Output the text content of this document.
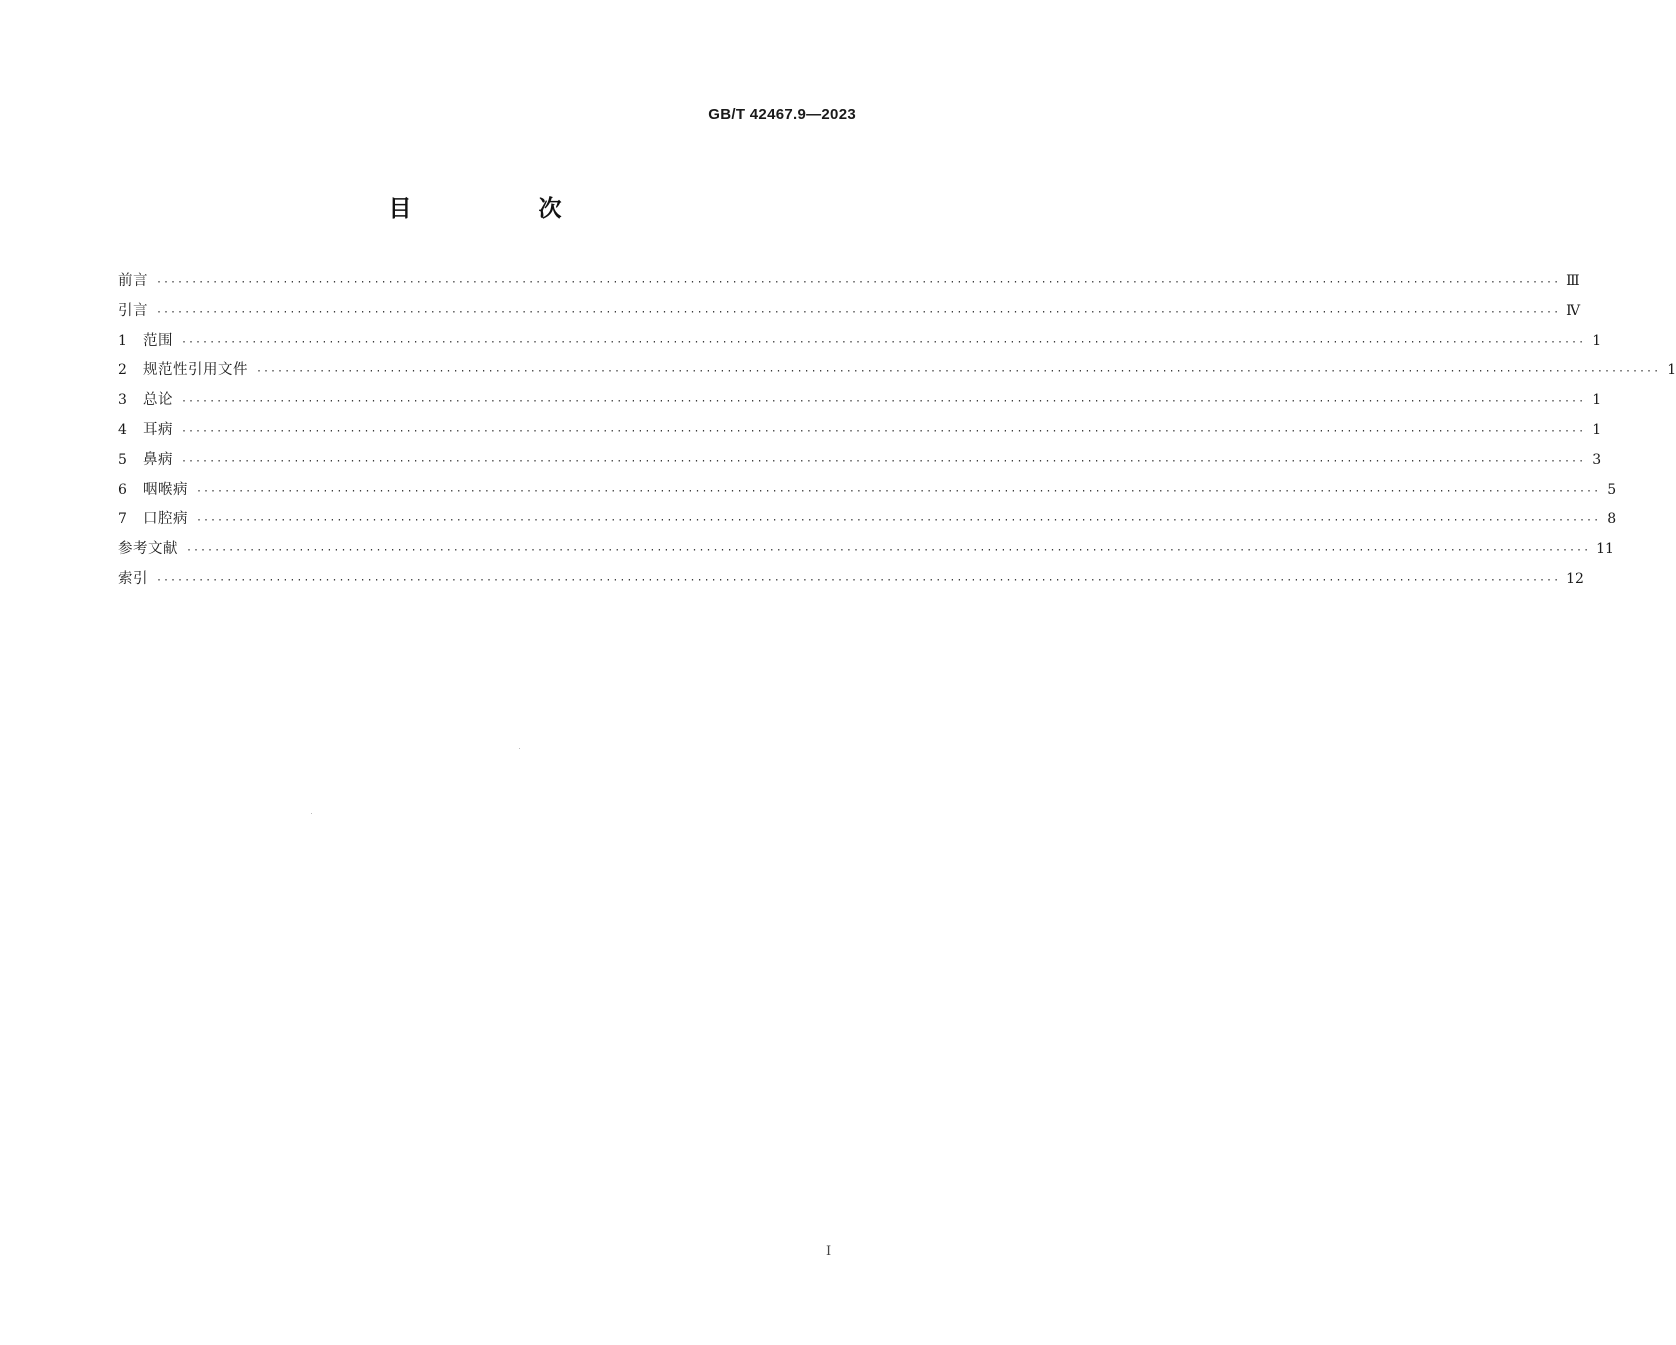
GB/T 42467.9—2023
目　次
前言 ········································································································································································································ Ⅲ
引言 ········································································································································································································ Ⅳ
1	范围 ········································································································································································································ 1
2	规范性引用文件 ········································································································································································································ 1
3	总论 ········································································································································································································ 1
4	耳病 ········································································································································································································ 1
5	鼻病 ········································································································································································································ 3
6	咽喉病 ········································································································································································································ 5
7	口腔病 ········································································································································································································ 8
参考文献 ········································································································································································································ 11
索引 ········································································································································································································ 12
Ⅰ
